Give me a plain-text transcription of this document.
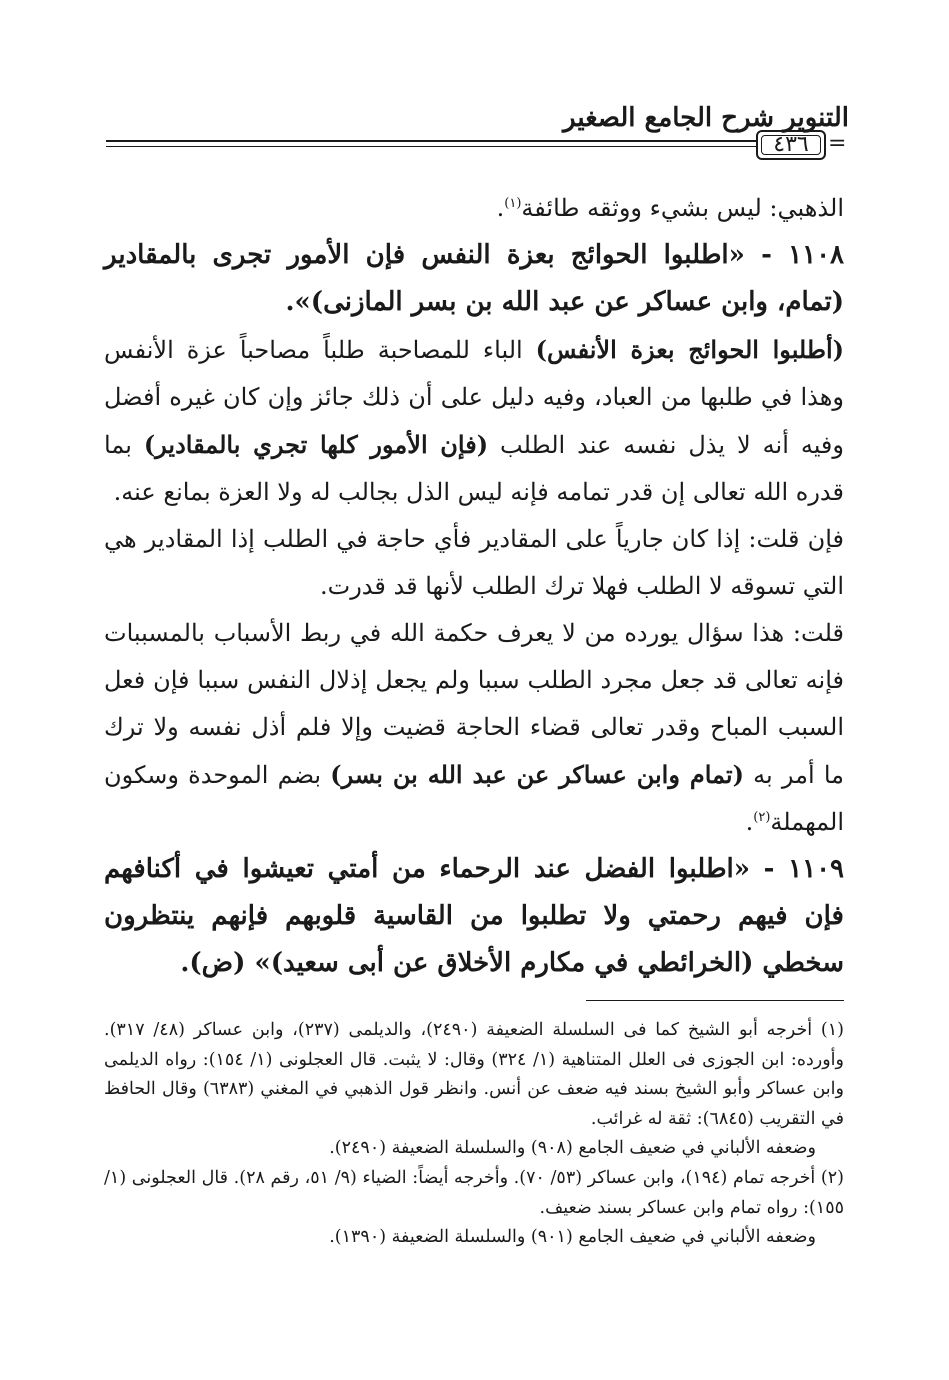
التنوير شرح الجامع الصغير
٤٣٦ =

الذهبي: ليس بشيء ووثقه طائفة$^{(١)}$.

١١٠٨ - «اطلبوا الحوائج بعزة النفس فإن الأمور تجرى بالمقادير (تمام، وابن عساكر عن عبد الله بن بسر المازنى)».

(أطلبوا الحوائج بعزة الأنفس) الباء للمصاحبة طلباً مصاحباً عزة الأنفس وهذا في طلبها من العباد، وفيه دليل على أن ذلك جائز وإن كان غيره أفضل وفيه أنه لا يذل نفسه عند الطلب (فإن الأمور كلها تجري بالمقادير) بما قدره الله تعالى إن قدر تمامه فإنه ليس الذل بجالب له ولا العزة بمانع عنه.

فإن قلت: إذا كان جارياً على المقادير فأي حاجة في الطلب إذا المقادير هي التي تسوقه لا الطلب فهلا ترك الطلب لأنها قد قدرت.

قلت: هذا سؤال يورده من لا يعرف حكمة الله في ربط الأسباب بالمسببات فإنه تعالى قد جعل مجرد الطلب سببا ولم يجعل إذلال النفس سببا فإن فعل السبب المباح وقدر تعالى قضاء الحاجة قضيت وإلا فلم أذل نفسه ولا ترك ما أمر به (تمام وابن عساكر عن عبد الله بن بسر) بضم الموحدة وسكون المهملة$^{(٢)}$.

١١٠٩ - «اطلبوا الفضل عند الرحماء من أمتي تعيشوا في أكنافهم فإن فيهم رحمتي ولا تطلبوا من القاسية قلوبهم فإنهم ينتظرون سخطي (الخرائطي في مكارم الأخلاق عن أبى سعيد)» (ض).

(١) أخرجه أبو الشيخ كما فى السلسلة الضعيفة (٢٤٩٠)، والديلمى (٢٣٧)، وابن عساكر (٤٨/ ٣١٧). وأورده: ابن الجوزى فى العلل المتناهية (١/ ٣٢٤) وقال: لا يثبت. قال العجلونى (١/ ١٥٤): رواه الديلمى وابن عساكر وأبو الشيخ بسند فيه ضعف عن أنس. وانظر قول الذهبي في المغني (٦٣٨٣) وقال الحافظ في التقريب (٦٨٤٥): ثقة له غرائب.

وضعفه الألباني في ضعيف الجامع (٩٠٨) والسلسلة الضعيفة (٢٤٩٠).

(٢) أخرجه تمام (١٩٤)، وابن عساكر (٥٣/ ٧٠). وأخرجه أيضاً: الضياء (٩/ ٥١، رقم ٢٨). قال العجلونى (١/ ١٥٥): رواه تمام وابن عساكر بسند ضعيف.

وضعفه الألباني في ضعيف الجامع (٩٠١) والسلسلة الضعيفة (١٣٩٠).
